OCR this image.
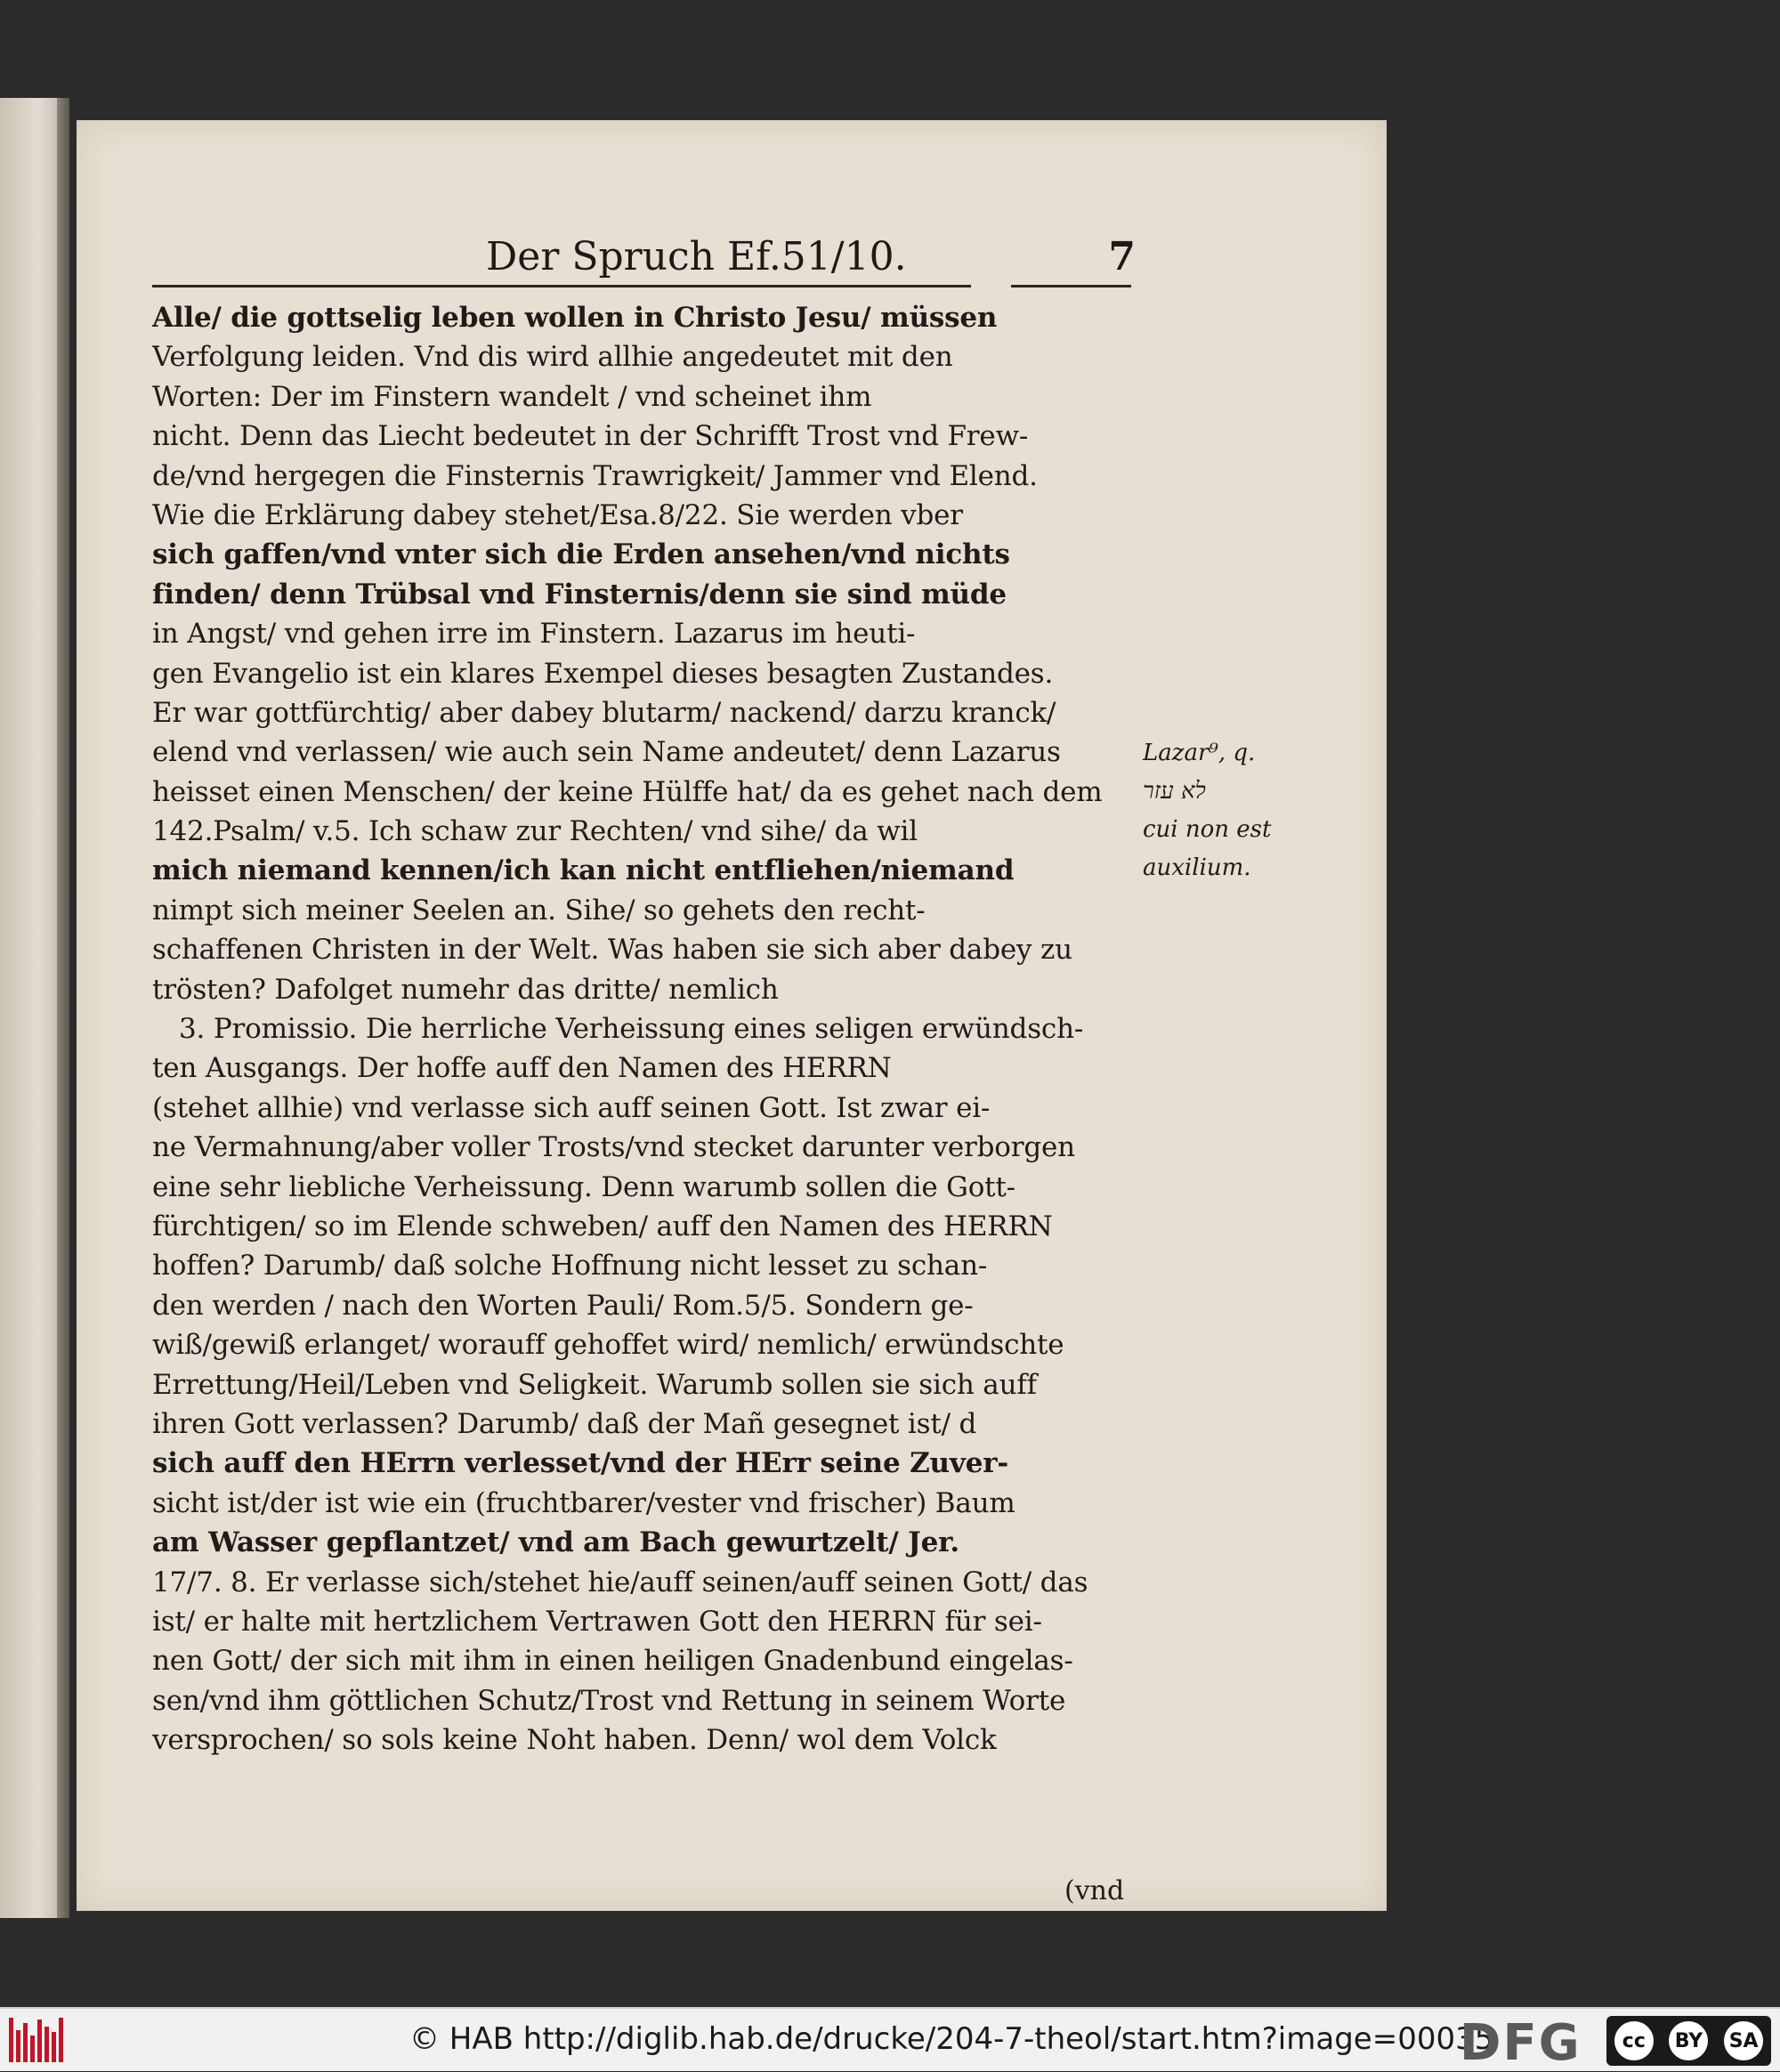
Der Spruch Ef.51/10.	7
Alle/ die gottselig leben wollen in Christo Jesu/ müssen
Verfolgung leiden. Vnd dis wird allhie angedeutet mit den
Worten: Der im Finstern wandelt / vnd scheinet ihm
nicht. Denn das Liecht bedeutet in der Schrifft Trost vnd Frew-
de/vnd hergegen die Finsternis Trawrigkeit/ Jammer vnd Elend.
Wie die Erklärung dabey stehet/Esa.8/22. Sie werden vber
sich gaffen/vnd vnter sich die Erden ansehen/vnd nichts
finden/ denn Trübsal vnd Finsternis/denn sie sind müde
in Angst/ vnd gehen irre im Finstern. Lazarus im heuti-
gen Evangelio ist ein klares Exempel dieses besagten Zustandes.
Er war gottfürchtig/ aber dabey blutarm/ nackend/ darzu kranck/
elend vnd verlassen/ wie auch sein Name andeutet/ denn Lazarus
heisset einen Menschen/ der keine Hülffe hat/ da es gehet nach dem
142.Psalm/ v.5. Ich schaw zur Rechten/ vnd sihe/ da wil
mich niemand kennen/ich kan nicht entfliehen/niemand
nimpt sich meiner Seelen an. Sihe/ so gehets den recht-
schaffenen Christen in der Welt. Was haben sie sich aber dabey zu
trösten? Dafolget numehr das dritte/ nemlich
3. Promissio. Die herrliche Verheissung eines seligen erwündsch-
ten Ausgangs. Der hoffe auff den Namen des HERRN
(stehet allhie) vnd verlasse sich auff seinen Gott. Ist zwar ei-
ne Vermahnung/aber voller Trosts/vnd stecket darunter verborgen
eine sehr liebliche Verheissung. Denn warumb sollen die Gott-
fürchtigen/ so im Elende schweben/ auff den Namen des HERRN
hoffen? Darumb/ daß solche Hoffnung nicht lesset zu schan-
den werden / nach den Worten Pauli/ Rom.5/5. Sondern ge-
wiß/gewiß erlanget/ worauff gehoffet wird/ nemlich/ erwündschte
Errettung/Heil/Leben vnd Seligkeit. Warumb sollen sie sich auff
ihren Gott verlassen? Darumb/ daß der Mañ gesegnet ist/ d
sich auff den HErrn verlesset/vnd der HErr seine Zuver-
sicht ist/der ist wie ein (fruchtbarer/vester vnd frischer) Baum
am Wasser gepflantzet/ vnd am Bach gewurtzelt/ Jer.
17/7. 8. Er verlasse sich/stehet hie/auff seinen/auff seinen Gott/ das
ist/ er halte mit hertzlichem Vertrawen Gott den HERRN für sei-
nen Gott/ der sich mit ihm in einen heiligen Gnadenbund eingelas-
sen/vnd ihm göttlichen Schutz/Trost vnd Rettung in seinem Worte
versprochen/ so sols keine Noht haben. Denn/ wol dem Volck
Lazar⁹, q.
לא עזר
cui non est
auxilium.
(vnd
© HAB http://diglib.hab.de/drucke/204-7-theol/start.htm?image=00035
DFG	cc	BY SA
